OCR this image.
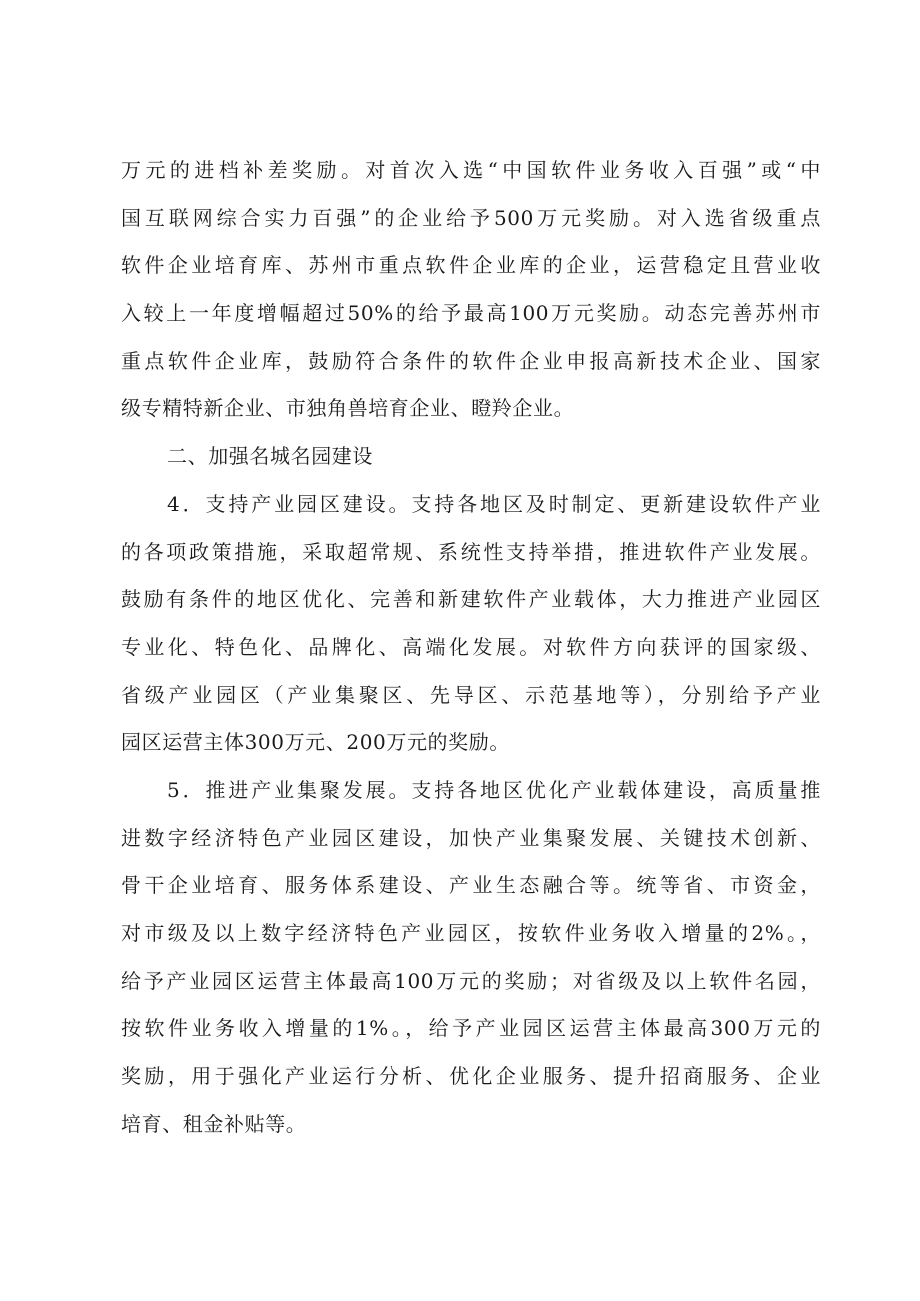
万元的进档补差奖励。对首次入选“中国软件业务收入百强”或“中
国互联网综合实力百强”的企业给予500万元奖励。对入选省级重点
软件企业培育库、苏州市重点软件企业库的企业，运营稳定且营业收
入较上一年度增幅超过50%的给予最高100万元奖励。动态完善苏州市
重点软件企业库，鼓励符合条件的软件企业申报高新技术企业、国家
级专精特新企业、市独角兽培育企业、瞪羚企业。
二、加强名城名园建设
4．支持产业园区建设。支持各地区及时制定、更新建设软件产业
的各项政策措施，采取超常规、系统性支持举措，推进软件产业发展。
鼓励有条件的地区优化、完善和新建软件产业载体，大力推进产业园区
专业化、特色化、品牌化、高端化发展。对软件方向获评的国家级、
省级产业园区（产业集聚区、先导区、示范基地等），分别给予产业
园区运营主体300万元、200万元的奖励。
5．推进产业集聚发展。支持各地区优化产业载体建设，高质量推
进数字经济特色产业园区建设，加快产业集聚发展、关键技术创新、
骨干企业培育、服务体系建设、产业生态融合等。统等省、市资金，
对市级及以上数字经济特色产业园区，按软件业务收入增量的2%。，
给予产业园区运营主体最高100万元的奖励；对省级及以上软件名园，
按软件业务收入增量的1%。，给予产业园区运营主体最高300万元的
奖励，用于强化产业运行分析、优化企业服务、提升招商服务、企业
培育、租金补贴等。
